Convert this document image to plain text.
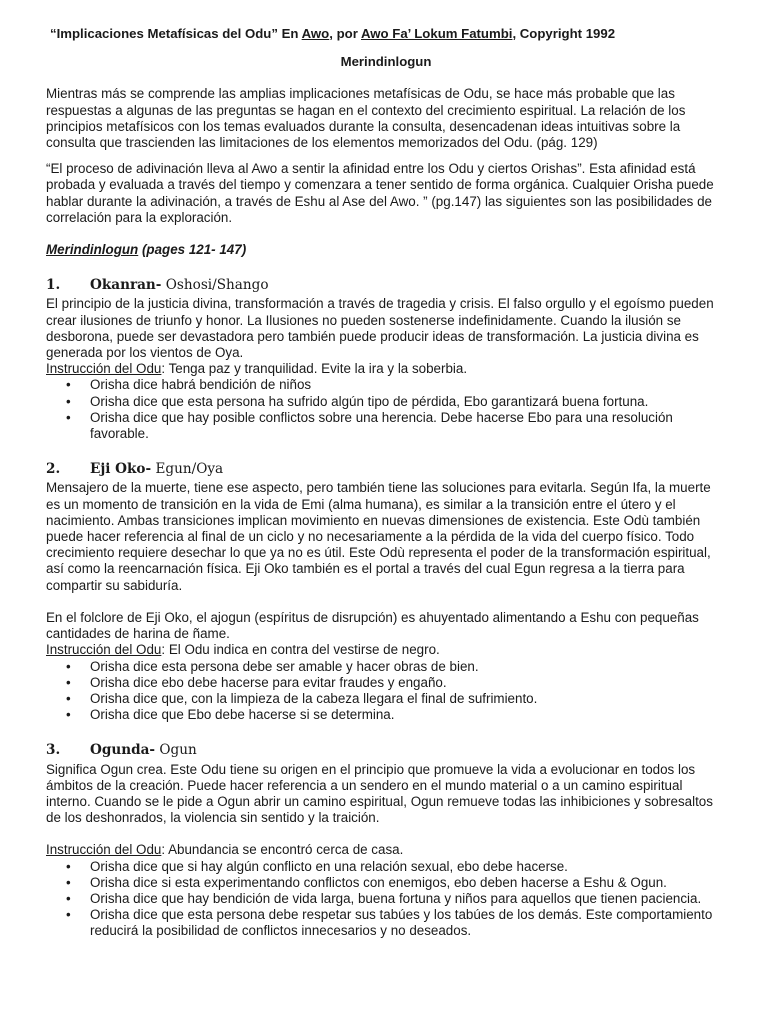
“Implicaciones Metafísicas del Odu” En Awo, por Awo Fa’ Lokum Fatumbi, Copyright 1992
Merindinlogun

Mientras más se comprende las amplias implicaciones metafísicas de Odu, se hace más probable que las respuestas a algunas de las preguntas se hagan en el contexto del crecimiento espiritual. La relación de los principios metafísicos con los temas evaluados durante la consulta, desencadenan ideas intuitivas sobre la consulta que trascienden las limitaciones de los elementos memorizados del Odu. (pág. 129)

“El proceso de adivinación lleva al Awo a sentir la afinidad entre los Odu y ciertos Orishas”. Esta afinidad está probada y evaluada a través del tiempo y comenzara a tener sentido de forma orgánica. Cualquier Orisha puede hablar durante la adivinación, a través de Eshu al Ase del Awo. ” (pg.147) las siguientes son las posibilidades de correlación para la exploración.

Merindinlogun (pages 121- 147)
1.	Okanran- Oshosi/Shango

El principio de la justicia divina, transformación a través de tragedia y crisis. El falso orgullo y el egoísmo pueden crear ilusiones de triunfo y honor. La Ilusiones no pueden sostenerse indefinidamente. Cuando la ilusión se desborona, puede ser devastadora pero también puede producir ideas de transformación. La justicia divina es generada por los vientos de Oya.

Instrucción del Odu: Tenga paz y tranquilidad. Evite la ira y la soberbia.

• Orisha dice habrá bendición de niños
• Orisha dice que esta persona ha sufrido algún tipo de pérdida, Ebo garantizará buena fortuna.
• Orisha dice que hay posible conflictos sobre una herencia. Debe hacerse Ebo para una resolución favorable.
2.	Eji Oko- Egun/Oya

Mensajero de la muerte, tiene ese aspecto, pero también tiene las soluciones para evitarla. Según Ifa, la muerte es un momento de transición en la vida de Emi (alma humana), es similar a la transición entre el útero y el nacimiento. Ambas transiciones implican movimiento en nuevas dimensiones de existencia. Este Odù también puede hacer referencia al final de un ciclo y no necesariamente a la pérdida de la vida del cuerpo físico. Todo crecimiento requiere desechar lo que ya no es útil. Este Odù representa el poder de la transformación espiritual, así como la reencarnación física. Eji Oko también es el portal a través del cual Egun regresa a la tierra para compartir su sabiduría.

En el folclore de Eji Oko, el ajogun (espíritus de disrupción) es ahuyentado alimentando a Eshu con pequeñas cantidades de harina de ñame.

Instrucción del Odu: El Odu indica en contra del vestirse de negro.

• Orisha dice esta persona debe ser amable y hacer obras de bien.
• Orisha dice ebo debe hacerse para evitar fraudes y engaño.
• Orisha dice que, con la limpieza de la cabeza llegara el final de sufrimiento.
• Orisha dice que Ebo debe hacerse si se determina.
3.	Ogunda- Ogun

Significa Ogun crea. Este Odu tiene su origen en el principio que promueve la vida a evolucionar en todos los ámbitos de la creación. Puede hacer referencia a un sendero en el mundo material o a un camino espiritual interno. Cuando se le pide a Ogun abrir un camino espiritual, Ogun remueve todas las inhibiciones y sobresaltos de los deshonrados, la violencia sin sentido y la traición.

Instrucción del Odu: Abundancia se encontró cerca de casa.

• Orisha dice que si hay algún conflicto en una relación sexual, ebo debe hacerse.
• Orisha dice si esta experimentando conflictos con enemigos, ebo deben hacerse a Eshu & Ogun.
• Orisha dice que hay bendición de vida larga, buena fortuna y niños para aquellos que tienen paciencia.
• Orisha dice que esta persona debe respetar sus tabúes y los tabúes de los demás. Este comportamiento reducirá la posibilidad de conflictos innecesarios y no deseados.
